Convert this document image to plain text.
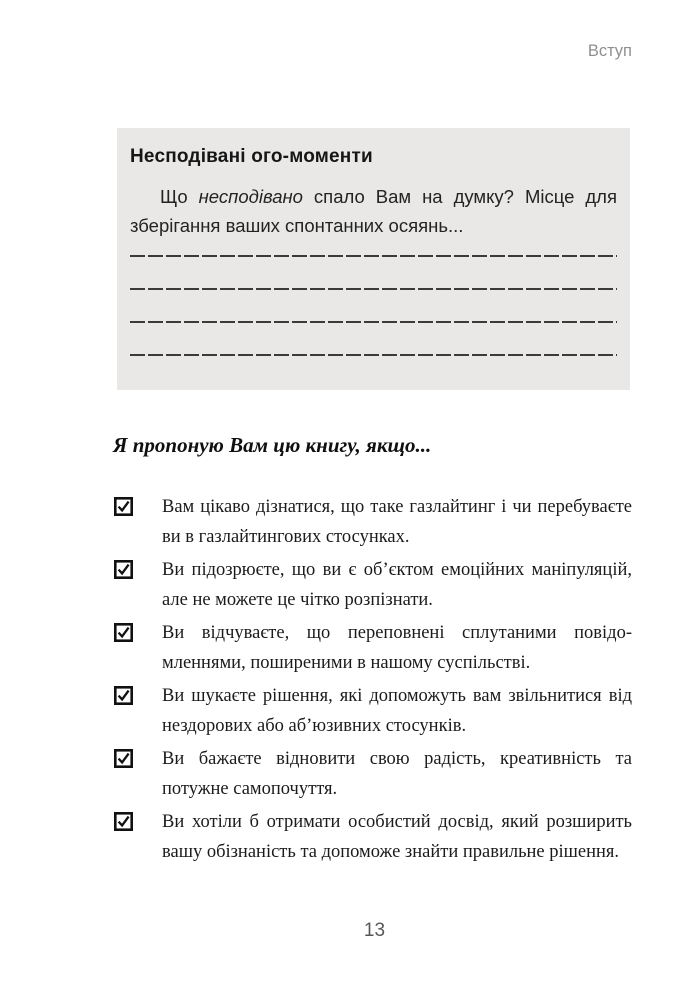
Вступ
Несподівані ого-моменти

Що несподівано спало Вам на думку? Місце для зберігання ваших спонтанних осяянь...

Я пропоную Вам цю книгу, якщо...
Вам цікаво дізнатися, що таке газлайтинг і чи перебуваєте ви в газлайтингових стосунках.
Ви підозрюєте, що ви є об’єктом емоційних маніпуляцій, але не можете це чітко розпізнати.
Ви відчуваєте, що переповнені сплутаними повідомленнями, поширеними в нашому суспільстві.
Ви шукаєте рішення, які допоможуть вам звільнитися від нездорових або аб’юзивних стосунків.
Ви бажаєте відновити свою радість, креативність та потужне самопочуття.
Ви хотіли б отримати особистий досвід, який розширить вашу обізнаність та допоможе знайти правильне рішення.
13
